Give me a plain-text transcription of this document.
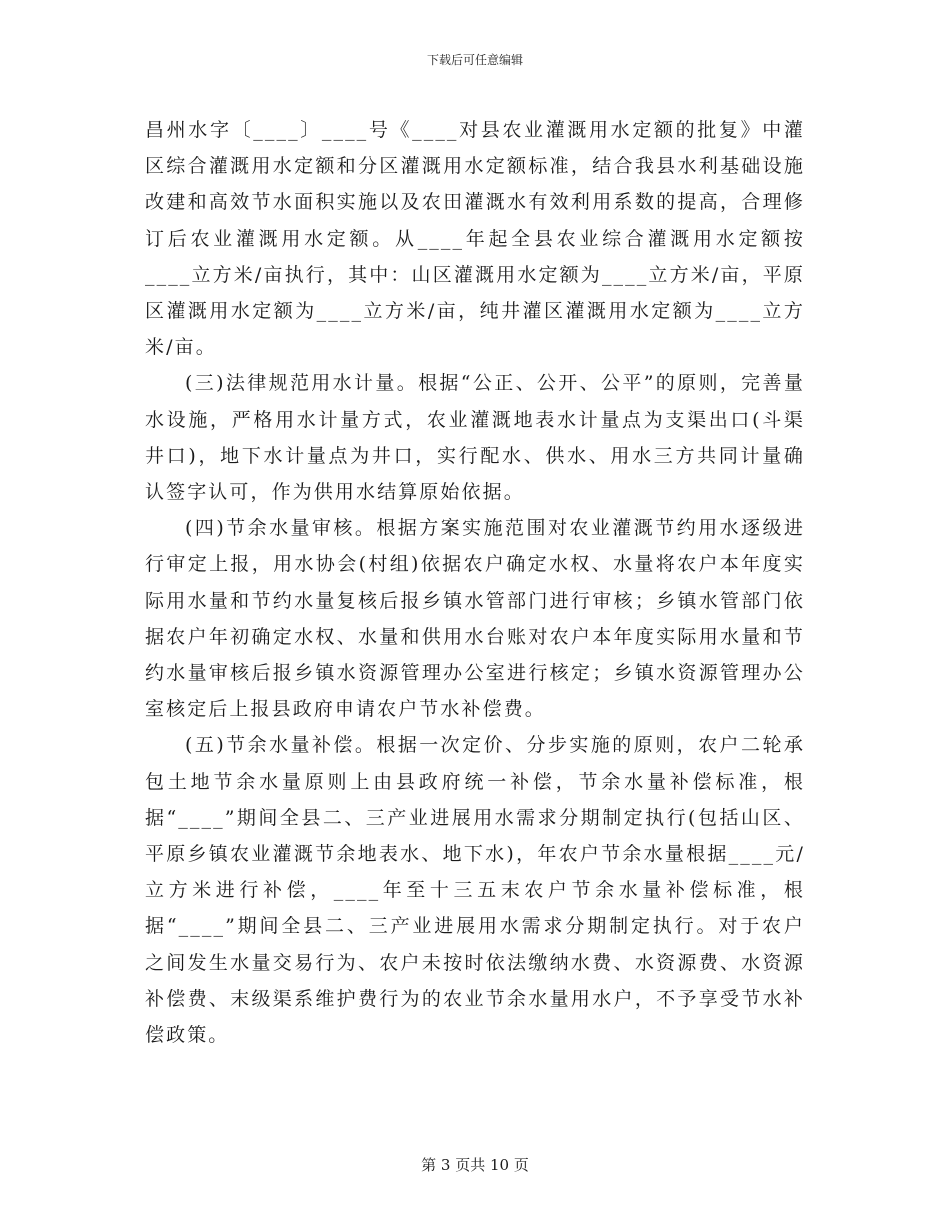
下载后可任意编辑

昌州水字〔____〕____号《____对县农业灌溉用水定额的批复》中灌区综合灌溉用水定额和分区灌溉用水定额标准，结合我县水利基础设施改建和高效节水面积实施以及农田灌溉水有效利用系数的提高，合理修订后农业灌溉用水定额。从____年起全县农业综合灌溉用水定额按____立方米/亩执行，其中：山区灌溉用水定额为____立方米/亩，平原区灌溉用水定额为____立方米/亩，纯井灌区灌溉用水定额为____立方米/亩。

(三)法律规范用水计量。根据“公正、公开、公平”的原则，完善量水设施，严格用水计量方式，农业灌溉地表水计量点为支渠出口(斗渠井口)，地下水计量点为井口，实行配水、供水、用水三方共同计量确认签字认可，作为供用水结算原始依据。

(四)节余水量审核。根据方案实施范围对农业灌溉节约用水逐级进行审定上报，用水协会(村组)依据农户确定水权、水量将农户本年度实际用水量和节约水量复核后报乡镇水管部门进行审核；乡镇水管部门依据农户年初确定水权、水量和供用水台账对农户本年度实际用水量和节约水量审核后报乡镇水资源管理办公室进行核定；乡镇水资源管理办公室核定后上报县政府申请农户节水补偿费。

(五)节余水量补偿。根据一次定价、分步实施的原则，农户二轮承包土地节余水量原则上由县政府统一补偿，节余水量补偿标准，根据“____”期间全县二、三产业进展用水需求分期制定执行(包括山区、平原乡镇农业灌溉节余地表水、地下水)，年农户节余水量根据____元/立方米进行补偿，____年至十三五末农户节余水量补偿标准，根据“____”期间全县二、三产业进展用水需求分期制定执行。对于农户之间发生水量交易行为、农户未按时依法缴纳水费、水资源费、水资源补偿费、末级渠系维护费行为的农业节余水量用水户，不予享受节水补偿政策。

第 3 页共 10 页
